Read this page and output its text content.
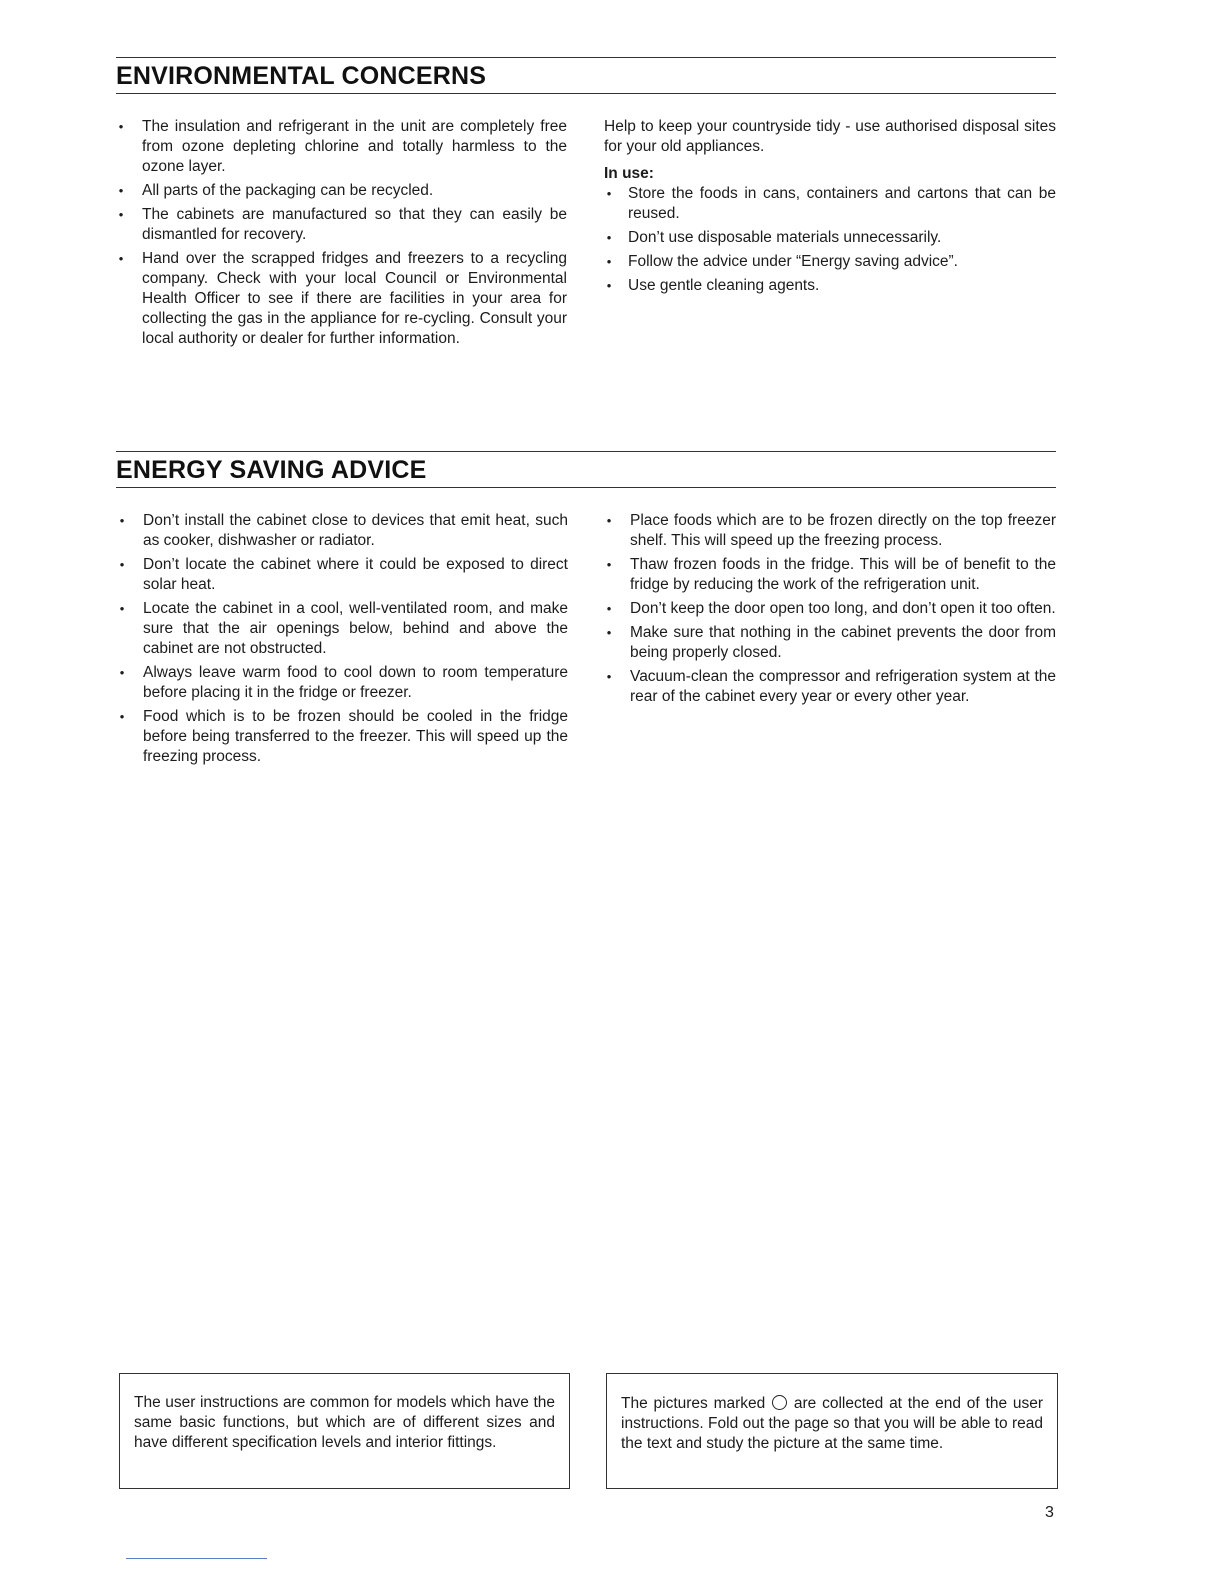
ENVIRONMENTAL CONCERNS
• The insulation and refrigerant in the unit are completely free from ozone depleting chlorine and totally harmless to the ozone layer.
• All parts of the packaging can be recycled.
• The cabinets are manufactured so that they can easily be dismantled for recovery.
• Hand over the scrapped fridges and freezers to a recycling company. Check with your local Council or Environmental Health Officer to see if there are facilities in your area for collecting the gas in the appliance for re-cycling. Consult your local authority or dealer for further information.

Help to keep your countryside tidy - use authorised disposal sites for your old appliances.

In use:

• Store the foods in cans, containers and cartons that can be reused.
• Don’t use disposable materials unnecessarily.
• Follow the advice under “Energy saving advice”.
• Use gentle cleaning agents.
ENERGY SAVING ADVICE
• Don’t install the cabinet close to devices that emit heat, such as cooker, dishwasher or radiator.
• Don’t locate the cabinet where it could be exposed to direct solar heat.
• Locate the cabinet in a cool, well-ventilated room, and make sure that the air openings below, behind and above the cabinet are not obstructed.
• Always leave warm food to cool down to room temperature before placing it in the fridge or freezer.
• Food which is to be frozen should be cooled in the fridge before being transferred to the freezer. This will speed up the freezing process.
• Place foods which are to be frozen directly on the top freezer shelf. This will speed up the freezing process.
• Thaw frozen foods in the fridge. This will be of benefit to the fridge by reducing the work of the refrigeration unit.
• Don’t keep the door open too long, and don’t open it too often.
• Make sure that nothing in the cabinet prevents the door from being properly closed.
• Vacuum-clean the compressor and refrigeration system at the rear of the cabinet every year or every other year.
The user instructions are common for models which have the same basic functions, but which are of different sizes and have different specification levels and interior fittings.
The pictures marked are collected at the end of the user instructions. Fold out the page so that you will be able to read the text and study the picture at the same time.
3
